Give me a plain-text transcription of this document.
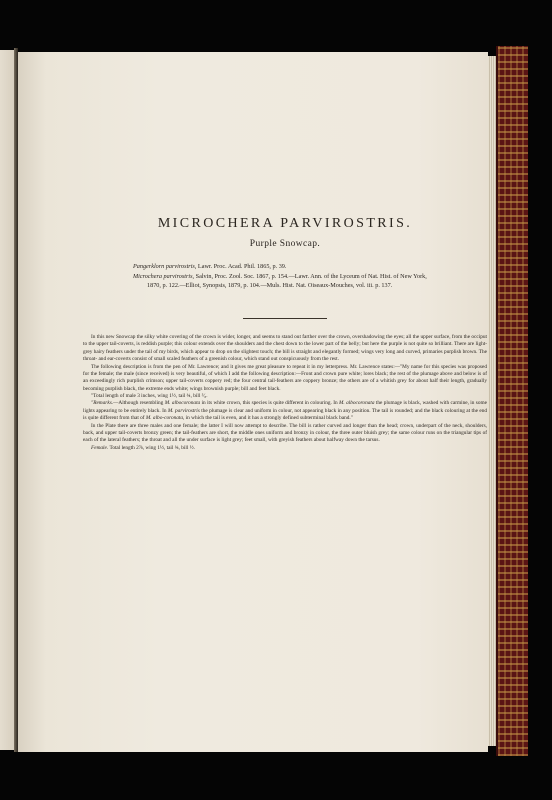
MICROCHERA PARVIROSTRIS.
Purple Snowcap.
Pangerklorn parvirostris, Lawr. Proc. Acad. Phil. 1865, p. 39.
Microchera parvirostris, Salvin, Proc. Zool. Soc. 1867, p. 154.—Lawr. Ann. of the Lyceum of Nat. Hist. of New York, 1870, p. 122.—Elliot, Synopsis, 1879, p. 104.—Muls. Hist. Nat. Oiseaux-Mouches, vol. iii. p. 137.

In this new Snowcap the silky white covering of the crown is wider, longer, and seems to stand out farther over the crown, overshadowing the eyes; all the upper surface, from the occiput to the upper tail-coverts, is reddish purple; this colour extends over the shoulders and the chest down to the lower part of the belly; but here the purple is not quite so brilliant. There are light-grey hairy feathers under the tail of my birds, which appear to drop on the slightest touch; the bill is straight and elegantly formed; wings very long and curved, primaries purplish brown. The throat- and ear-coverts consist of small scaled feathers of a greenish colour, which stand out conspicuously from the rest.

The following description is from the pen of Mr. Lawrence; and it gives me great pleasure to repeat it in my letterpress. Mr. Lawrence states:—"My name for this species was proposed for the female; the male (since received) is very beautiful, of which I add the following description:—Front and crown pure white; lores black; the rest of the plumage above and below is of an exceedingly rich purplish crimson; upper tail-coverts coppery red; the four central tail-feathers are coppery bronze; the others are of a whitish grey for about half their length, gradually becoming purplish black, the extreme ends white; wings brownish purple; bill and feet black.

"Total length of male 3 inches, wing 1½, tail ¾, bill ⁵⁄₈.

"Remarks.—Although resembling M. albocoronata in its white crown, this species is quite different in colouring. In M. albocoronata the plumage is black, washed with carmine, in some lights appearing to be entirely black. In M. parvirostris the plumage is clear and uniform in colour, not appearing black in any position. The tail is rounded; and the black colouring at the end is quite different from that of M. albo-coronata, in which the tail is even, and it has a strongly defined subterminal black band."

In the Plate there are three males and one female; the latter I will now attempt to describe. The bill is rather curved and longer than the head; crown, underpart of the neck, shoulders, back, and upper tail-coverts bronzy green; the tail-feathers are short, the middle ones uniform and bronzy in colour, the three outer bluish grey; the same colour runs on the triangular tips of each of the lateral feathers; the throat and all the under surface is light grey; feet small, with greyish feathers about halfway down the tarsus.

Female. Total length 2⅞, wing 1½, tail ¾, bill ½.
